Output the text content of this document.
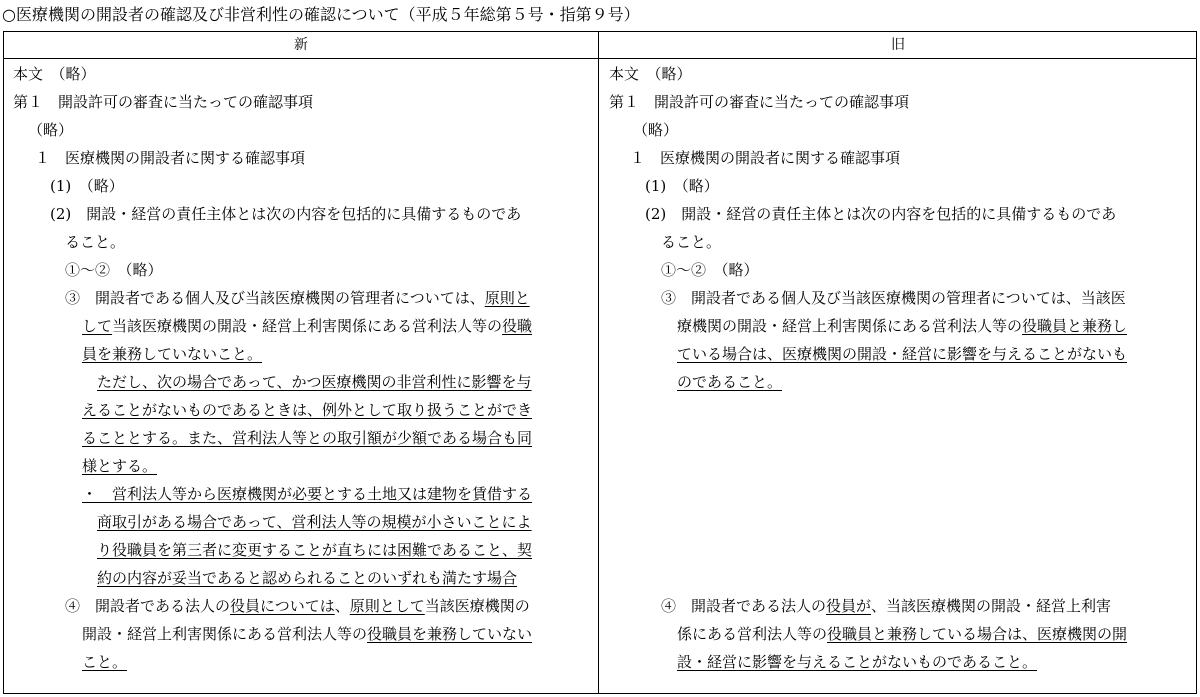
○医療機関の開設者の確認及び非営利性の確認について（平成５年総第５号・指第９号）
新	旧
本文　（略）
第１　開設許可の審査に当たっての確認事項
（略）
１　医療機関の開設者に関する確認事項
(1)　（略）
(2)　開設・経営の責任主体とは次の内容を包括的に具備するものであ
ること。
①～②　（略）
③　開設者である個人及び当該医療機関の管理者については、原則と
して当該医療機関の開設・経営上利害関係にある営利法人等の役職
員を兼務していないこと。
ただし、次の場合であって、かつ医療機関の非営利性に影響を与
えることがないものであるときは、例外として取り扱うことができ
ることとする。また、営利法人等との取引額が少額である場合も同
様とする。
・　営利法人等から医療機関が必要とする土地又は建物を賃借する
商取引がある場合であって、営利法人等の規模が小さいことによ
り役職員を第三者に変更することが直ちには困難であること、契
約の内容が妥当であると認められることのいずれも満たす場合
④　開設者である法人の役員については、原則として当該医療機関の
開設・経営上利害関係にある営利法人等の役職員を兼務していない
こと。
本文　（略）
第１　開設許可の審査に当たっての確認事項
（略）
１　医療機関の開設者に関する確認事項
(1)　（略）
(2)　開設・経営の責任主体とは次の内容を包括的に具備するものであ
ること。
①～②　（略）
③　開設者である個人及び当該医療機関の管理者については、当該医
療機関の開設・経営上利害関係にある営利法人等の役職員と兼務し
ている場合は、医療機関の開設・経営に影響を与えることがないも
のであること。
④　開設者である法人の役員が、当該医療機関の開設・経営上利害
係にある営利法人等の役職員と兼務している場合は、医療機関の開
設・経営に影響を与えることがないものであること。
